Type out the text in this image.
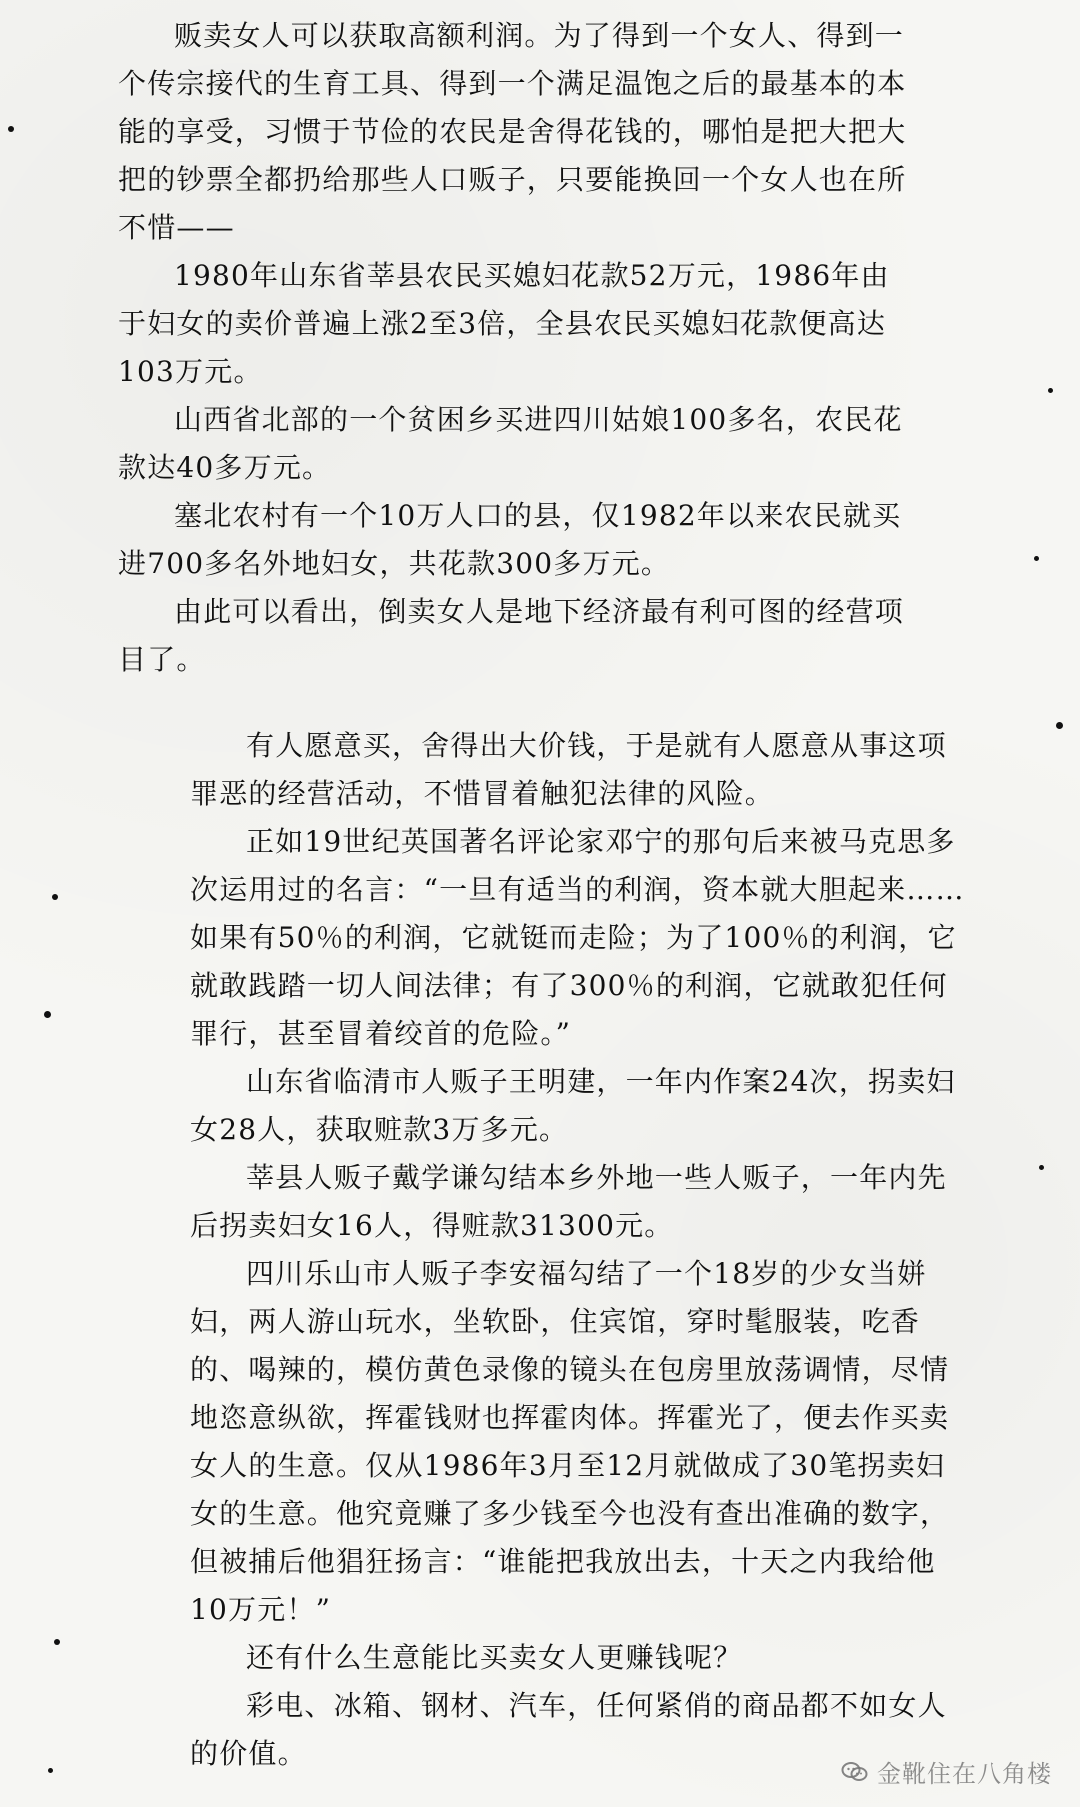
贩卖女人可以获取高额利润。为了得到一个女人、得到一个传宗接代的生育工具、得到一个满足温饱之后的最基本的本能的享受，习惯于节俭的农民是舍得花钱的，哪怕是把大把大把的钞票全都扔给那些人口贩子，只要能换回一个女人也在所不惜——

1980年山东省莘县农民买媳妇花款52万元，1986年由于妇女的卖价普遍上涨2至3倍，全县农民买媳妇花款便高达103万元。

山西省北部的一个贫困乡买进四川姑娘100多名，农民花款达40多万元。

塞北农村有一个10万人口的县，仅1982年以来农民就买进700多名外地妇女，共花款300多万元。

由此可以看出，倒卖女人是地下经济最有利可图的经营项目了。

有人愿意买，舍得出大价钱，于是就有人愿意从事这项罪恶的经营活动，不惜冒着触犯法律的风险。

正如19世纪英国著名评论家邓宁的那句后来被马克思多次运用过的名言：“一旦有适当的利润，资本就大胆起来……如果有50％的利润，它就铤而走险；为了100％的利润，它就敢践踏一切人间法律；有了300％的利润，它就敢犯任何罪行，甚至冒着绞首的危险。”

山东省临清市人贩子王明建，一年内作案24次，拐卖妇女28人，获取赃款3万多元。

莘县人贩子戴学谦勾结本乡外地一些人贩子，一年内先后拐卖妇女16人，得赃款31300元。

四川乐山市人贩子李安福勾结了一个18岁的少女当姘妇，两人游山玩水，坐软卧，住宾馆，穿时髦服装，吃香的、喝辣的，模仿黄色录像的镜头在包房里放荡调情，尽情地恣意纵欲，挥霍钱财也挥霍肉体。挥霍光了，便去作买卖女人的生意。仅从1986年3月至12月就做成了30笔拐卖妇女的生意。他究竟赚了多少钱至今也没有查出准确的数字，但被捕后他猖狂扬言：“谁能把我放出去，十天之内我给他10万元！”

还有什么生意能比买卖女人更赚钱呢？

彩电、冰箱、钢材、汽车，任何紧俏的商品都不如女人的价值。

金靴住在八角楼
